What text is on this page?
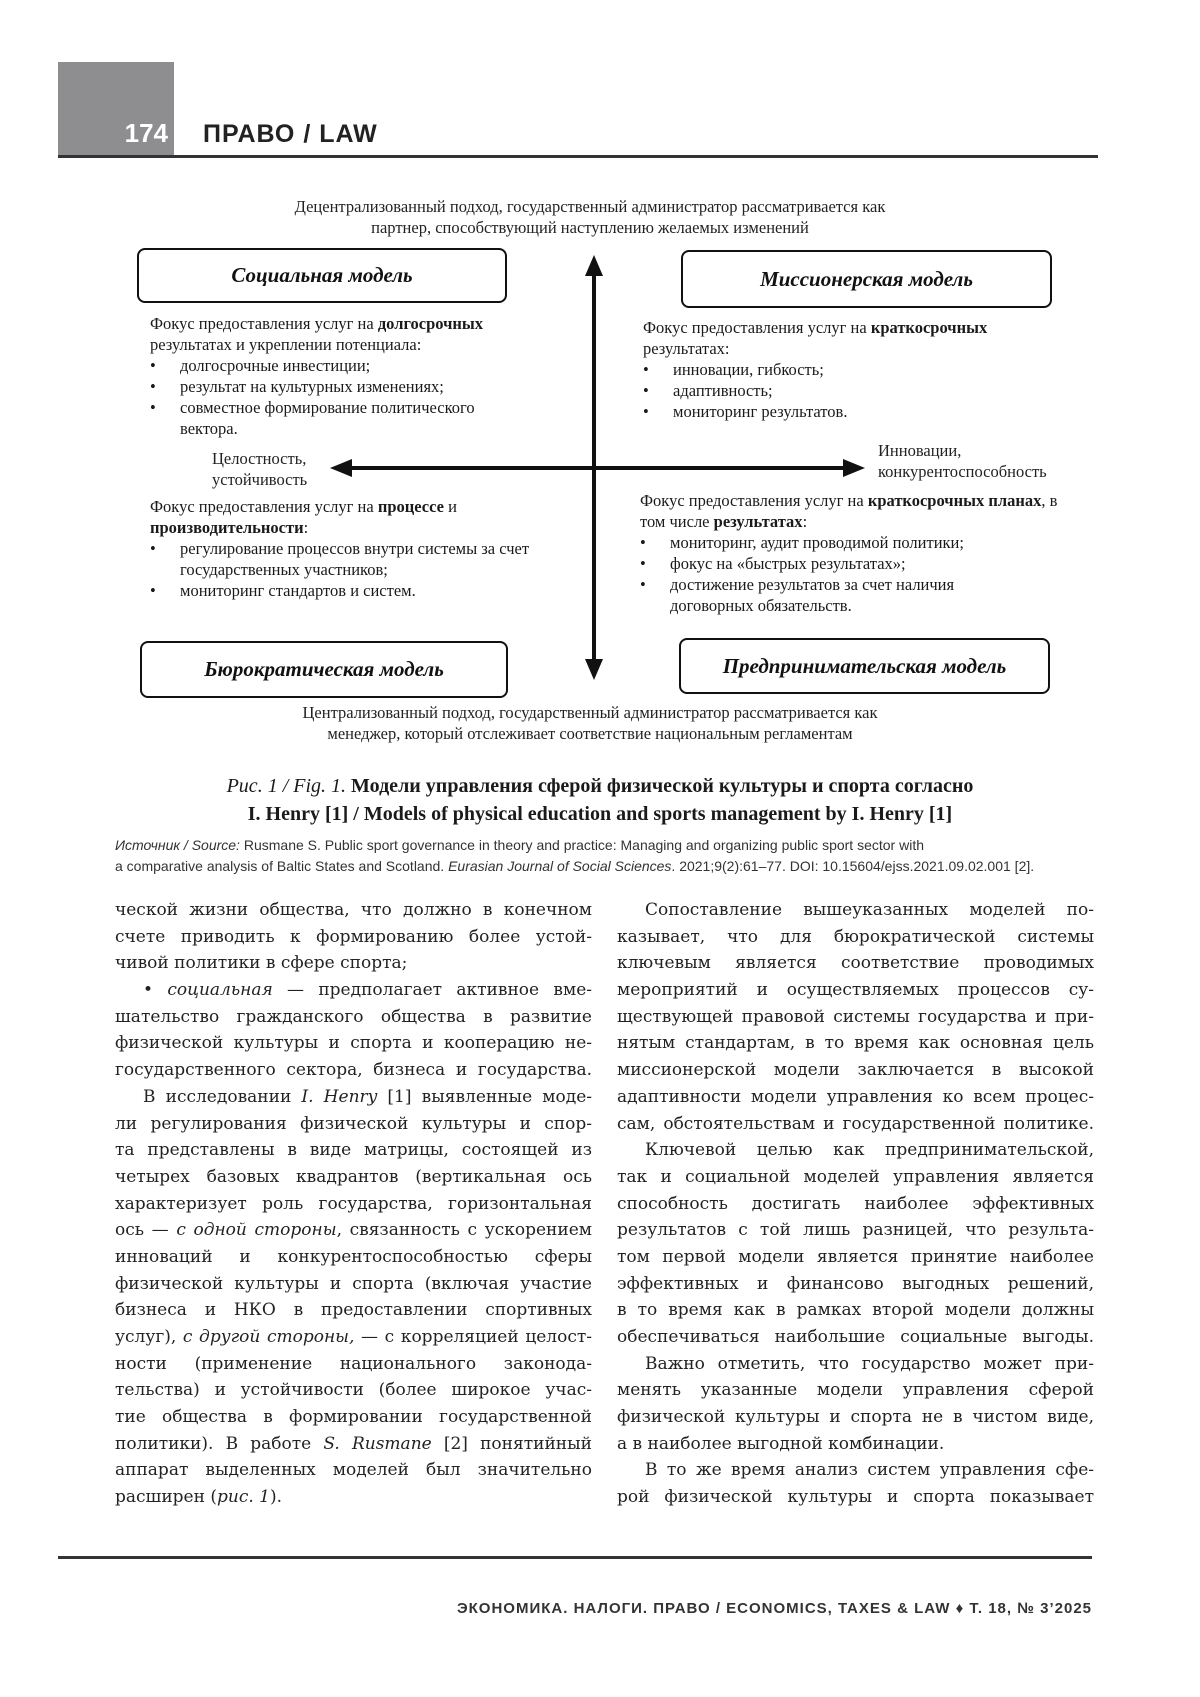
174 ПРАВО / LAW
Децентрализованный подход, государственный администратор рассматривается как
партнер, способствующий наступлению желаемых изменений
Социальная модель	Миссионерская модель
Бюрократическая модель	Предпринимательская модель
Фокус предоставления услуг на долгосрочных
результатах и укреплении потенциала:
• долгосрочные инвестиции;
• результат на культурных изменениях;
• совместное формирование политического вектора.
Целостность,
устойчивость
Фокус предоставления услуг на процессе и
производительности:
• регулирование процессов внутри системы за счет государственных участников;
• мониторинг стандартов и систем.
Фокус предоставления услуг на краткосрочных
результатах:
• инновации, гибкость;
• адаптивность;
• мониторинг результатов.
Инновации,
конкурентоспособность
Фокус предоставления услуг на краткосрочных планах, в том числе результатах:
• мониторинг, аудит проводимой политики;
• фокус на «быстрых результатах»;
• достижение результатов за счет наличия договорных обязательств.
Централизованный подход, государственный администратор рассматривается как
менеджер, который отслеживает соответствие национальным регламентам
Рис. 1 / Fig. 1. Модели управления сферой физической культуры и спорта согласно
I. Henry [1] / Models of physical education and sports management by I. Henry [1]
Источник / Source: Rusmane S. Public sport governance in theory and practice: Managing and organizing public sport sector with
a comparative analysis of Baltic States and Scotland. Eurasian Journal of Social Sciences. 2021;9(2):61–77. DOI: 10.15604/ejss.2021.09.02.001 [2].
ческой жизни общества, что должно в конечном
счете приводить к формированию более устой-
чивой политики в сфере спорта;
• социальная — предполагает активное вме-
шательство гражданского общества в развитие
физической культуры и спорта и кооперацию не-
государственного сектора, бизнеса и государства.
В исследовании I. Henry [1] выявленные моде-
ли регулирования физической культуры и спор-
та представлены в виде матрицы, состоящей из
четырех базовых квадрантов (вертикальная ось
характеризует роль государства, горизонтальная
ось — с одной стороны, связанность с ускорением
инноваций и конкурентоспособностью сферы
физической культуры и спорта (включая участие
бизнеса и НКО в предоставлении спортивных
услуг), с другой стороны, — с корреляцией целост-
ности (применение национального законода-
тельства) и устойчивости (более широкое учас-
тие общества в формировании государственной
политики). В работе S. Rusmane [2] понятийный
аппарат выделенных моделей был значительно
расширен (рис. 1).
Сопоставление вышеуказанных моделей по-
казывает, что для бюрократической системы
ключевым является соответствие проводимых
мероприятий и осуществляемых процессов су-
ществующей правовой системы государства и при-
нятым стандартам, в то время как основная цель
миссионерской модели заключается в высокой
адаптивности модели управления ко всем процес-
сам, обстоятельствам и государственной политике.
Ключевой целью как предпринимательской,
так и социальной моделей управления является
способность достигать наиболее эффективных
результатов с той лишь разницей, что результа-
том первой модели является принятие наиболее
эффективных и финансово выгодных решений,
в то время как в рамках второй модели должны
обеспечиваться наибольшие социальные выгоды.
Важно отметить, что государство может при-
менять указанные модели управления сферой
физической культуры и спорта не в чистом виде,
а в наиболее выгодной комбинации.
В то же время анализ систем управления сфе-
рой физической культуры и спорта показывает
ЭКОНОМИКА. НАЛОГИ. ПРАВО / ECONOMICS, TAXES & LAW ♦ Т. 18, № 3’2025
